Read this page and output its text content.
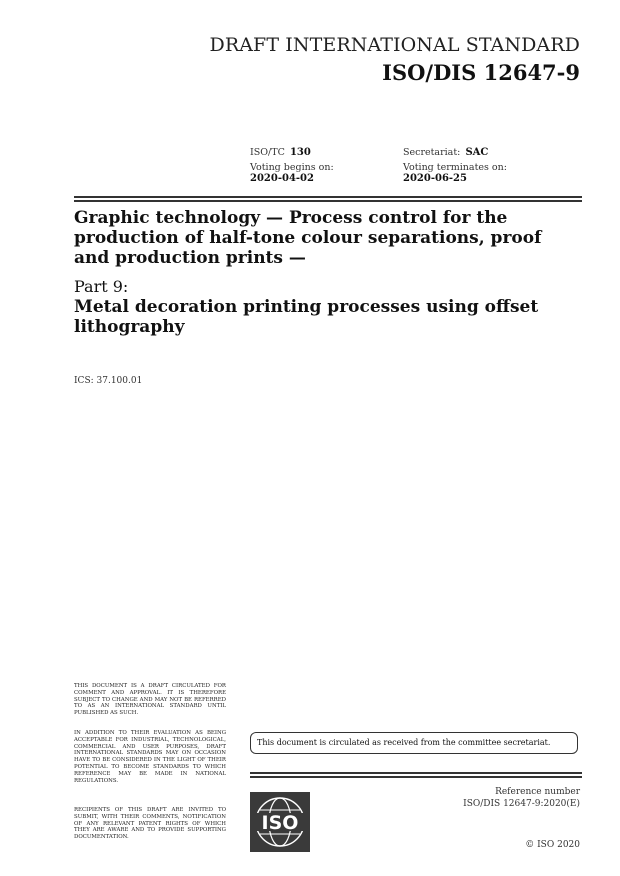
DRAFT INTERNATIONAL STANDARD
ISO/DIS 12647-9
ISO/TC 130	Secretariat: SAC
Voting begins on:
2020-04-02
Voting terminates on:
2020-06-25
Graphic technology — Process control for the production of half-tone colour separations, proof and production prints —
Part 9:
Metal decoration printing processes using offset lithography
ICS: 37.100.01
THIS DOCUMENT IS A DRAFT CIRCULATED FOR COMMENT AND APPROVAL. IT IS THEREFORE SUBJECT TO CHANGE AND MAY NOT BE REFERRED TO AS AN INTERNATIONAL STANDARD UNTIL PUBLISHED AS SUCH.
IN ADDITION TO THEIR EVALUATION AS BEING ACCEPTABLE FOR INDUSTRIAL, TECHNOLOGICAL, COMMERCIAL AND USER PURPOSES, DRAFT INTERNATIONAL STANDARDS MAY ON OCCASION HAVE TO BE CONSIDERED IN THE LIGHT OF THEIR POTENTIAL TO BECOME STANDARDS TO WHICH REFERENCE MAY BE MADE IN NATIONAL REGULATIONS.
RECIPIENTS OF THIS DRAFT ARE INVITED TO SUBMIT, WITH THEIR COMMENTS, NOTIFICATION OF ANY RELEVANT PATENT RIGHTS OF WHICH THEY ARE AWARE AND TO PROVIDE SUPPORTING DOCUMENTATION.
This document is circulated as received from the committee secretariat.
ISO
Reference number
ISO/DIS 12647-9:2020(E)
© ISO 2020
